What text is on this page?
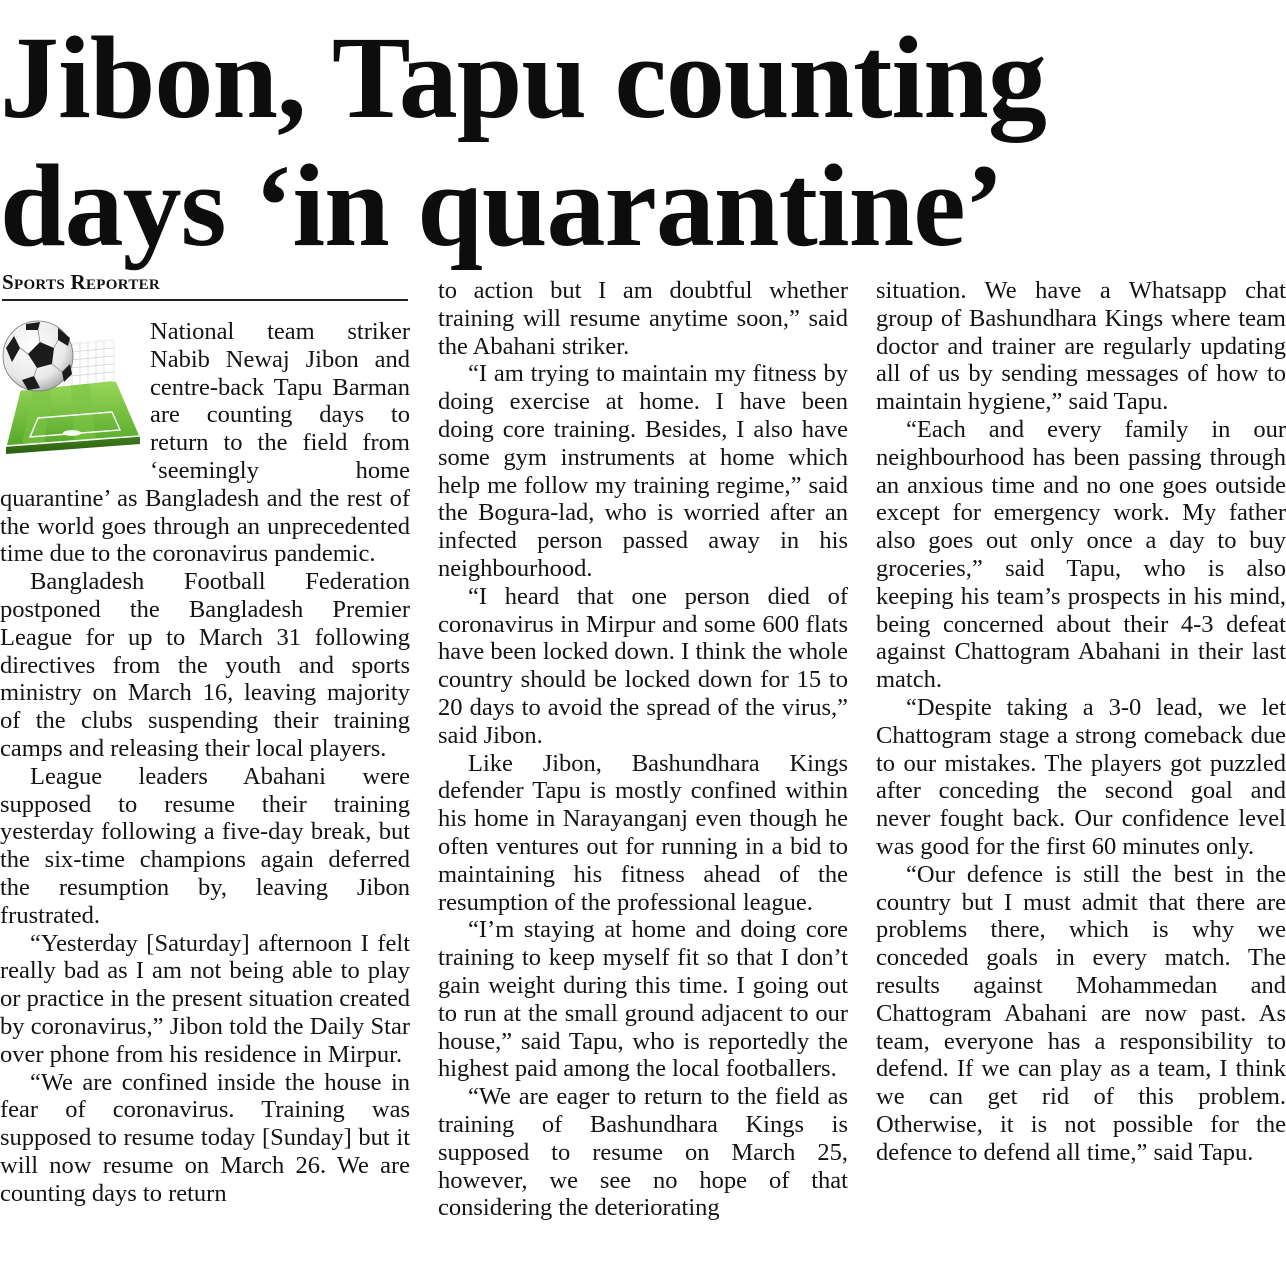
Jibon, Tapu counting
days ‘in quarantine’
Sports Reporter

National team striker Nabib Newaj Jibon and centre-back Tapu Barman are counting days to return to the field from ‘seemingly home quarantine’ as Bangladesh and the rest of the world goes through an unprecedented time due to the coronavirus pandemic.

Bangladesh Football Federation postponed the Bangladesh Premier League for up to March 31 following directives from the youth and sports ministry on March 16, leaving majority of the clubs suspending their training camps and releasing their local players.

League leaders Abahani were supposed to resume their training yesterday following a five-day break, but the six-time champions again deferred the resumption by, leaving Jibon frustrated.

“Yesterday [Saturday] afternoon I felt really bad as I am not being able to play or practice in the present situation created by coronavirus,” Jibon told the Daily Star over phone from his residence in Mirpur.

“We are confined inside the house in fear of coronavirus. Training was supposed to resume today [Sunday] but it will now resume on March 26. We are counting days to return

to action but I am doubtful whether training will resume anytime soon,” said the Abahani striker.

“I am trying to maintain my fitness by doing exercise at home. I have been doing core training. Besides, I also have some gym instruments at home which help me follow my training regime,” said the Bogura-lad, who is worried after an infected person passed away in his neighbourhood.

“I heard that one person died of coronavirus in Mirpur and some 600 flats have been locked down. I think the whole country should be locked down for 15 to 20 days to avoid the spread of the virus,” said Jibon.

Like Jibon, Bashundhara Kings defender Tapu is mostly confined within his home in Narayanganj even though he often ventures out for running in a bid to maintaining his fitness ahead of the resumption of the professional league.

“I’m staying at home and doing core training to keep myself fit so that I don’t gain weight during this time. I going out to run at the small ground adjacent to our house,” said Tapu, who is reportedly the highest paid among the local footballers.

“We are eager to return to the field as training of Bashundhara Kings is supposed to resume on March 25, however, we see no hope of that considering the deteriorating

situation. We have a Whatsapp chat group of Bashundhara Kings where team doctor and trainer are regularly updating all of us by sending messages of how to maintain hygiene,” said Tapu.

“Each and every family in our neighbourhood has been passing through an anxious time and no one goes outside except for emergency work. My father also goes out only once a day to buy groceries,” said Tapu, who is also keeping his team’s prospects in his mind, being concerned about their 4-3 defeat against Chattogram Abahani in their last match.

“Despite taking a 3-0 lead, we let Chattogram stage a strong comeback due to our mistakes. The players got puzzled after conceding the second goal and never fought back. Our confidence level was good for the first 60 minutes only.

“Our defence is still the best in the country but I must admit that there are problems there, which is why we conceded goals in every match. The results against Mohammedan and Chattogram Abahani are now past. As team, everyone has a responsibility to defend. If we can play as a team, I think we can get rid of this problem. Otherwise, it is not possible for the defence to defend all time,” said Tapu.
